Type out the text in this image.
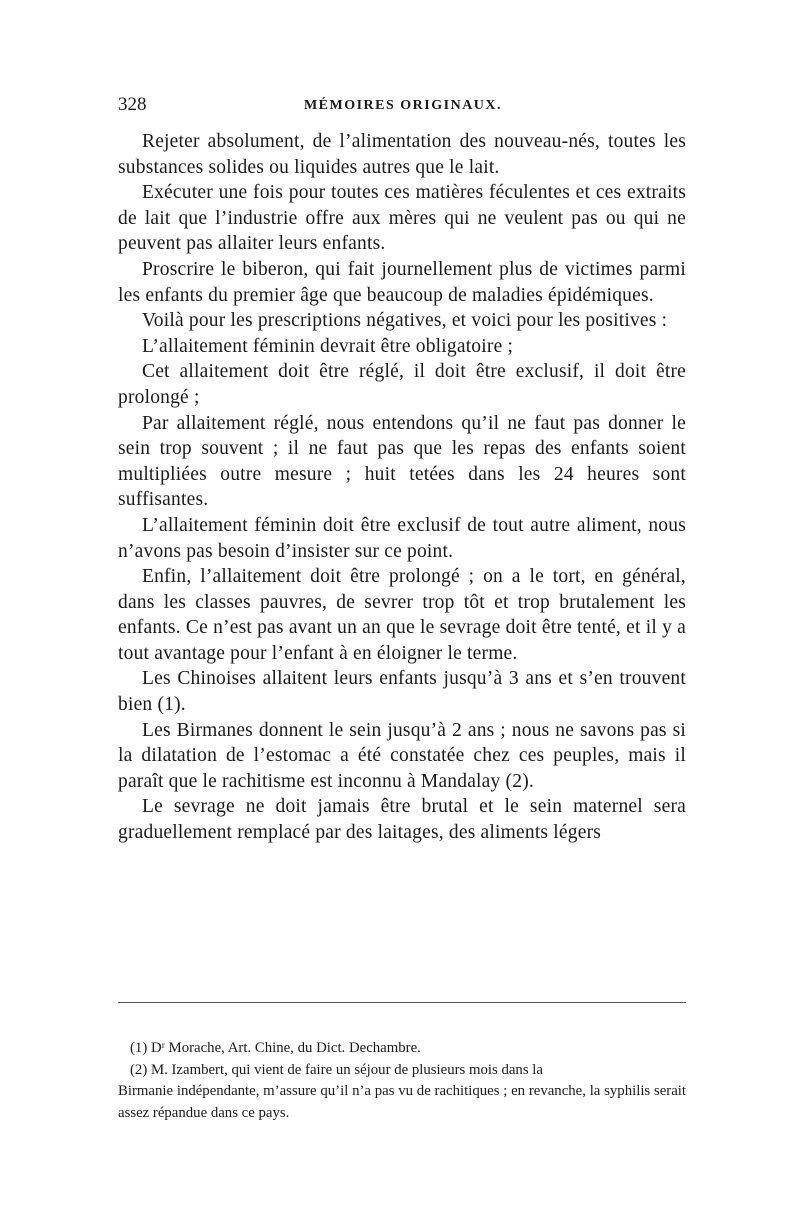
328	MÉMOIRES ORIGINAUX.

Rejeter absolument, de l’alimentation des nouveau-nés, toutes les substances solides ou liquides autres que le lait.

Exécuter une fois pour toutes ces matières féculentes et ces extraits de lait que l’industrie offre aux mères qui ne veulent pas ou qui ne peuvent pas allaiter leurs enfants.

Proscrire le biberon, qui fait journellement plus de victimes parmi les enfants du premier âge que beaucoup de maladies épidémiques.

Voilà pour les prescriptions négatives, et voici pour les positives :

L’allaitement féminin devrait être obligatoire ;

Cet allaitement doit être réglé, il doit être exclusif, il doit être prolongé ;

Par allaitement réglé, nous entendons qu’il ne faut pas donner le sein trop souvent ; il ne faut pas que les repas des enfants soient multipliées outre mesure ; huit tetées dans les 24 heures sont suffisantes.

L’allaitement féminin doit être exclusif de tout autre aliment, nous n’avons pas besoin d’insister sur ce point.

Enfin, l’allaitement doit être prolongé ; on a le tort, en général, dans les classes pauvres, de sevrer trop tôt et trop brutalement les enfants. Ce n’est pas avant un an que le sevrage doit être tenté, et il y a tout avantage pour l’enfant à en éloigner le terme.

Les Chinoises allaitent leurs enfants jusqu’à 3 ans et s’en trouvent bien (1).

Les Birmanes donnent le sein jusqu’à 2 ans ; nous ne savons pas si la dilatation de l’estomac a été constatée chez ces peuples, mais il paraît que le rachitisme est inconnu à Mandalay (2).

Le sevrage ne doit jamais être brutal et le sein maternel sera graduellement remplacé par des laitages, des aliments légers

(1) Dʳ Morache, Art. Chine, du Dict. Dechambre.

(2) M. Izambert, qui vient de faire un séjour de plusieurs mois dans la

Birmanie indépendante, m’assure qu’il n’a pas vu de rachitiques ; en revanche, la syphilis serait assez répandue dans ce pays.
